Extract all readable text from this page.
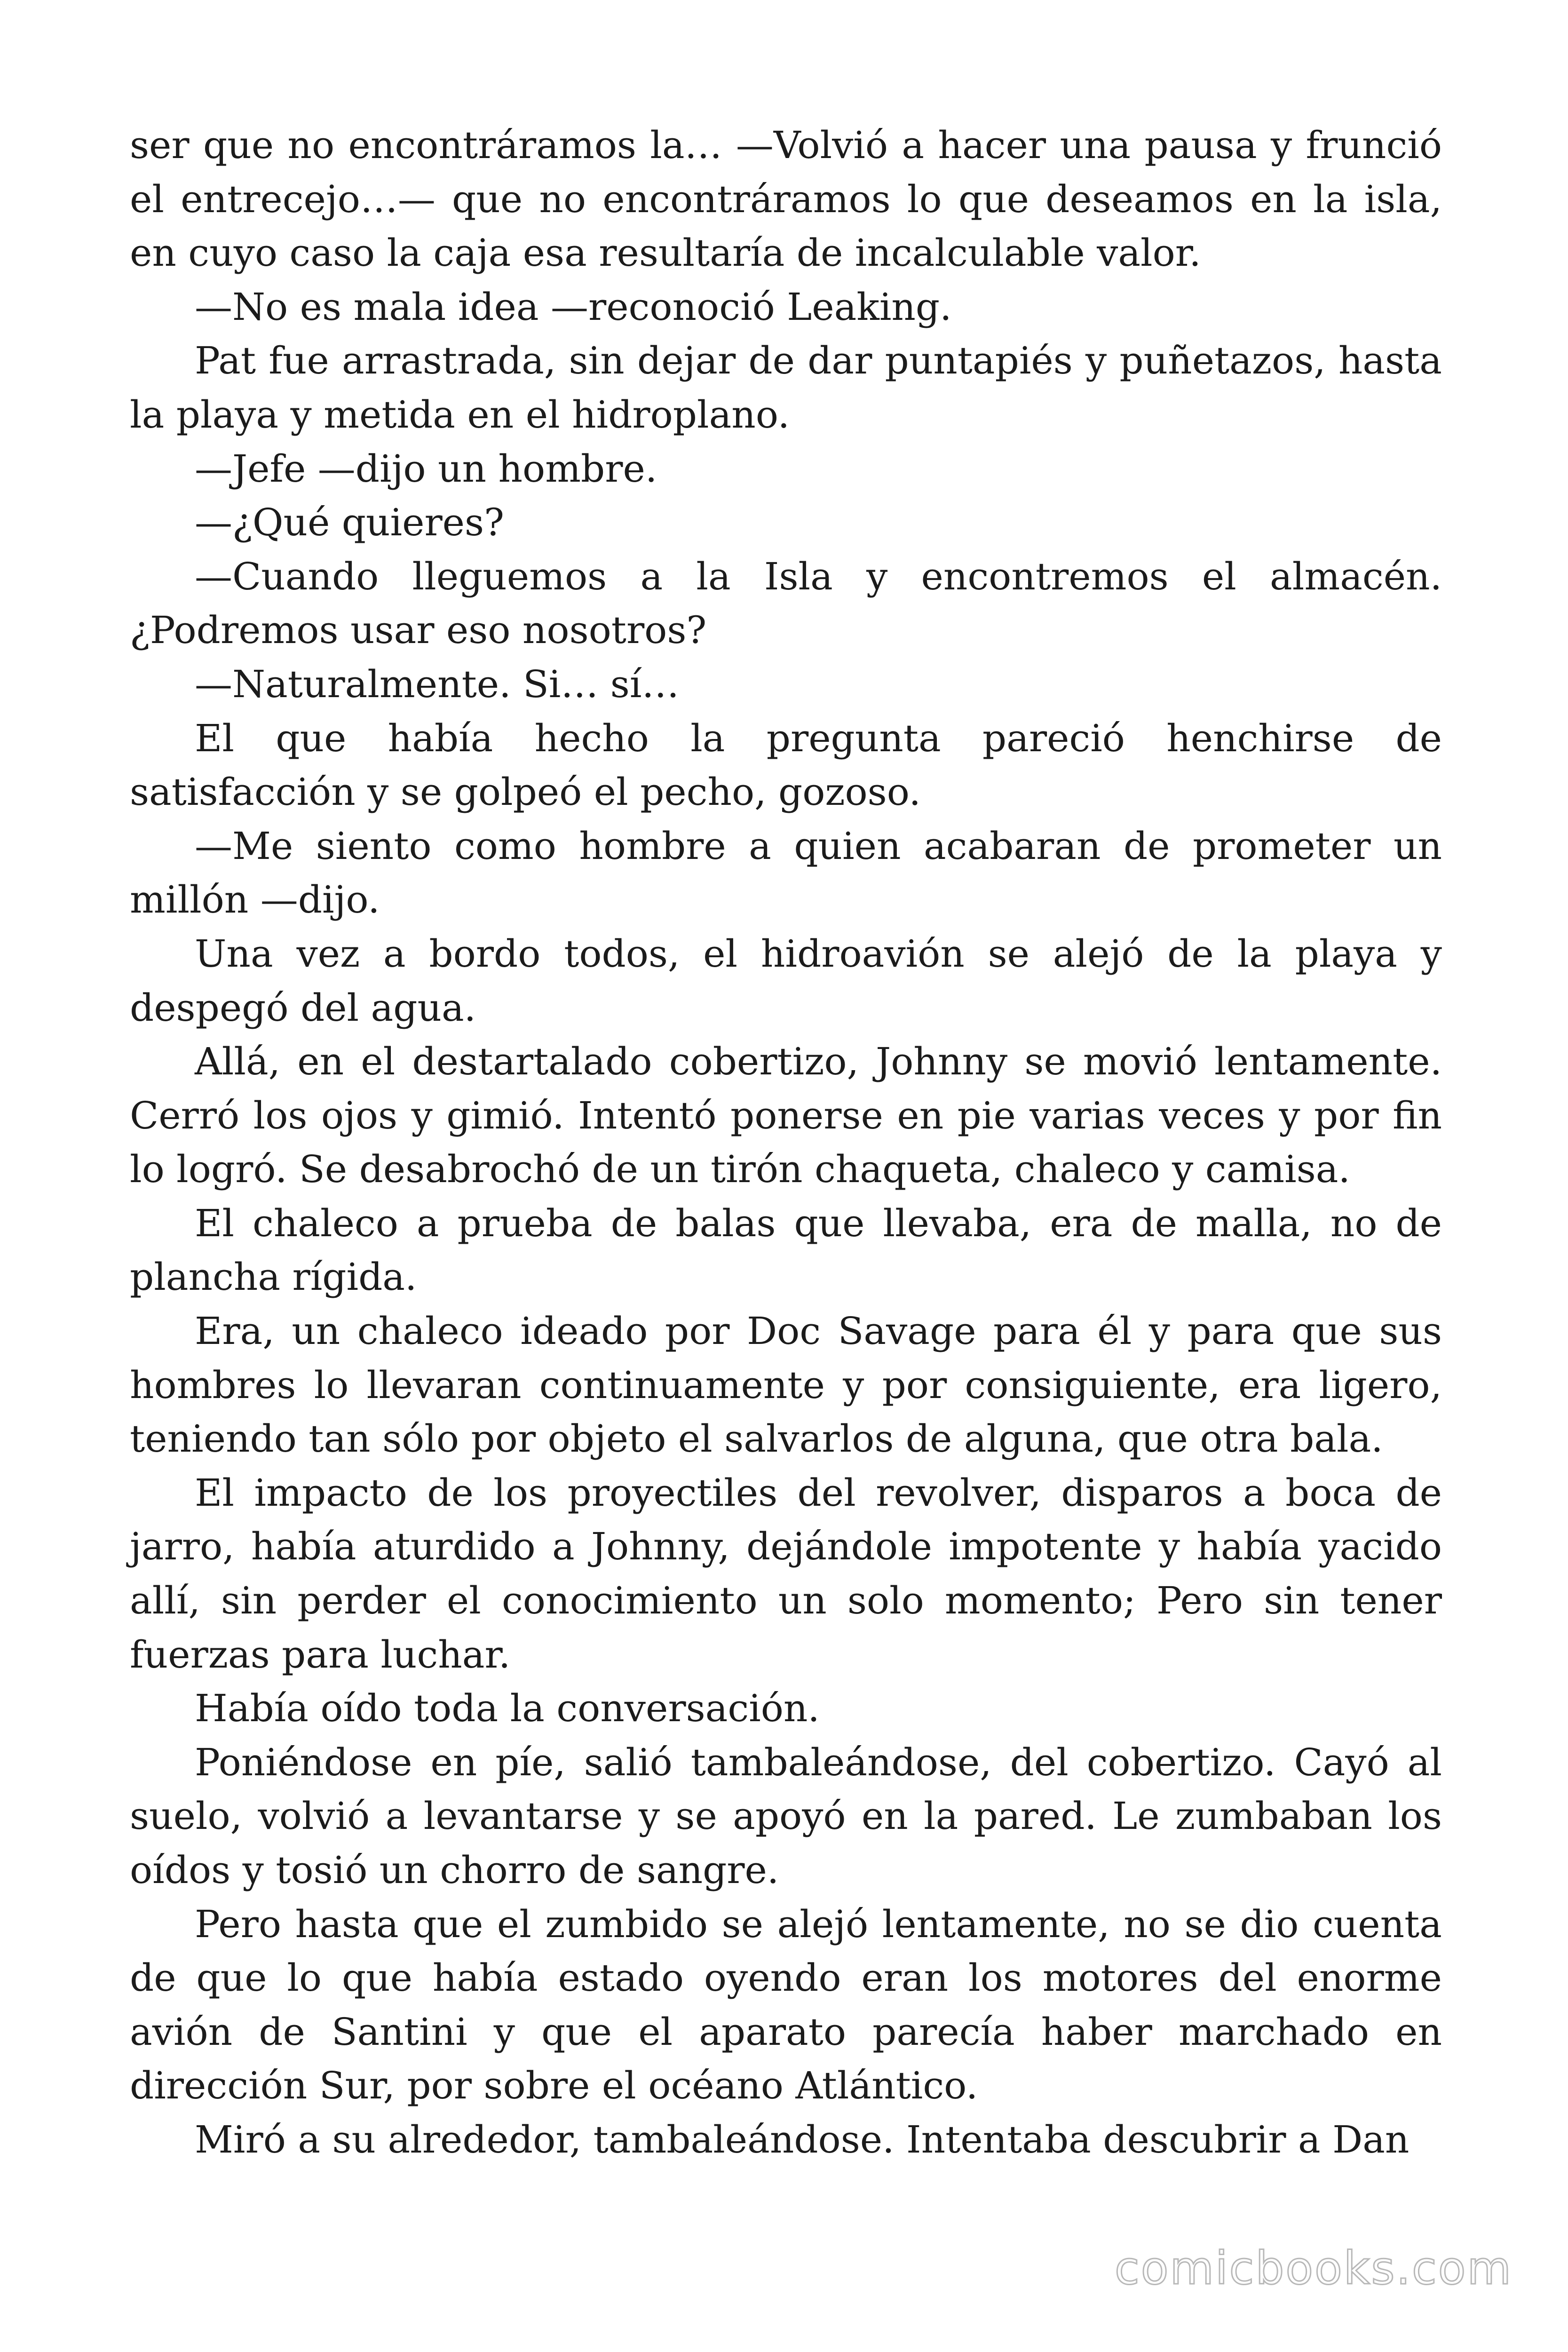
ser que no encontráramos la… —Volvió a hacer una pausa y frunció el entrecejo…— que no encontráramos lo que deseamos en la isla, en cuyo caso la caja esa resultaría de incalculable valor.

—No es mala idea —reconoció Leaking.

Pat fue arrastrada, sin dejar de dar puntapiés y puñetazos, hasta la playa y metida en el hidroplano.

—Jefe —dijo un hombre.

—¿Qué quieres?

—Cuando lleguemos a la Isla y encontremos el almacén. ¿Podremos usar eso nosotros?

—Naturalmente. Si… sí…

El que había hecho la pregunta pareció henchirse de satisfacción y se golpeó el pecho, gozoso.

—Me siento como hombre a quien acabaran de prometer un millón —dijo.

Una vez a bordo todos, el hidroavión se alejó de la playa y despegó del agua.

Allá, en el destartalado cobertizo, Johnny se movió lentamente. Cerró los ojos y gimió. Intentó ponerse en pie varias veces y por fin lo logró. Se desabrochó de un tirón chaqueta, chaleco y camisa.

El chaleco a prueba de balas que llevaba, era de malla, no de plancha rígida.

Era, un chaleco ideado por Doc Savage para él y para que sus hombres lo llevaran continuamente y por consiguiente, era ligero, teniendo tan sólo por objeto el salvarlos de alguna, que otra bala.

El impacto de los proyectiles del revolver, disparos a boca de jarro, había aturdido a Johnny, dejándole impotente y había yacido allí, sin perder el conocimiento un solo momento; Pero sin tener fuerzas para luchar.

Había oído toda la conversación.

Poniéndose en píe, salió tambaleándose, del cobertizo. Cayó al suelo, volvió a levantarse y se apoyó en la pared. Le zumbaban los oídos y tosió un chorro de sangre.

Pero hasta que el zumbido se alejó lentamente, no se dio cuenta de que lo que había estado oyendo eran los motores del enorme avión de Santini y que el aparato parecía haber marchado en dirección Sur, por sobre el océano Atlántico.

Miró a su alrededor, tambaleándose. Intentaba descubrir a Dan

comicbooks.com
